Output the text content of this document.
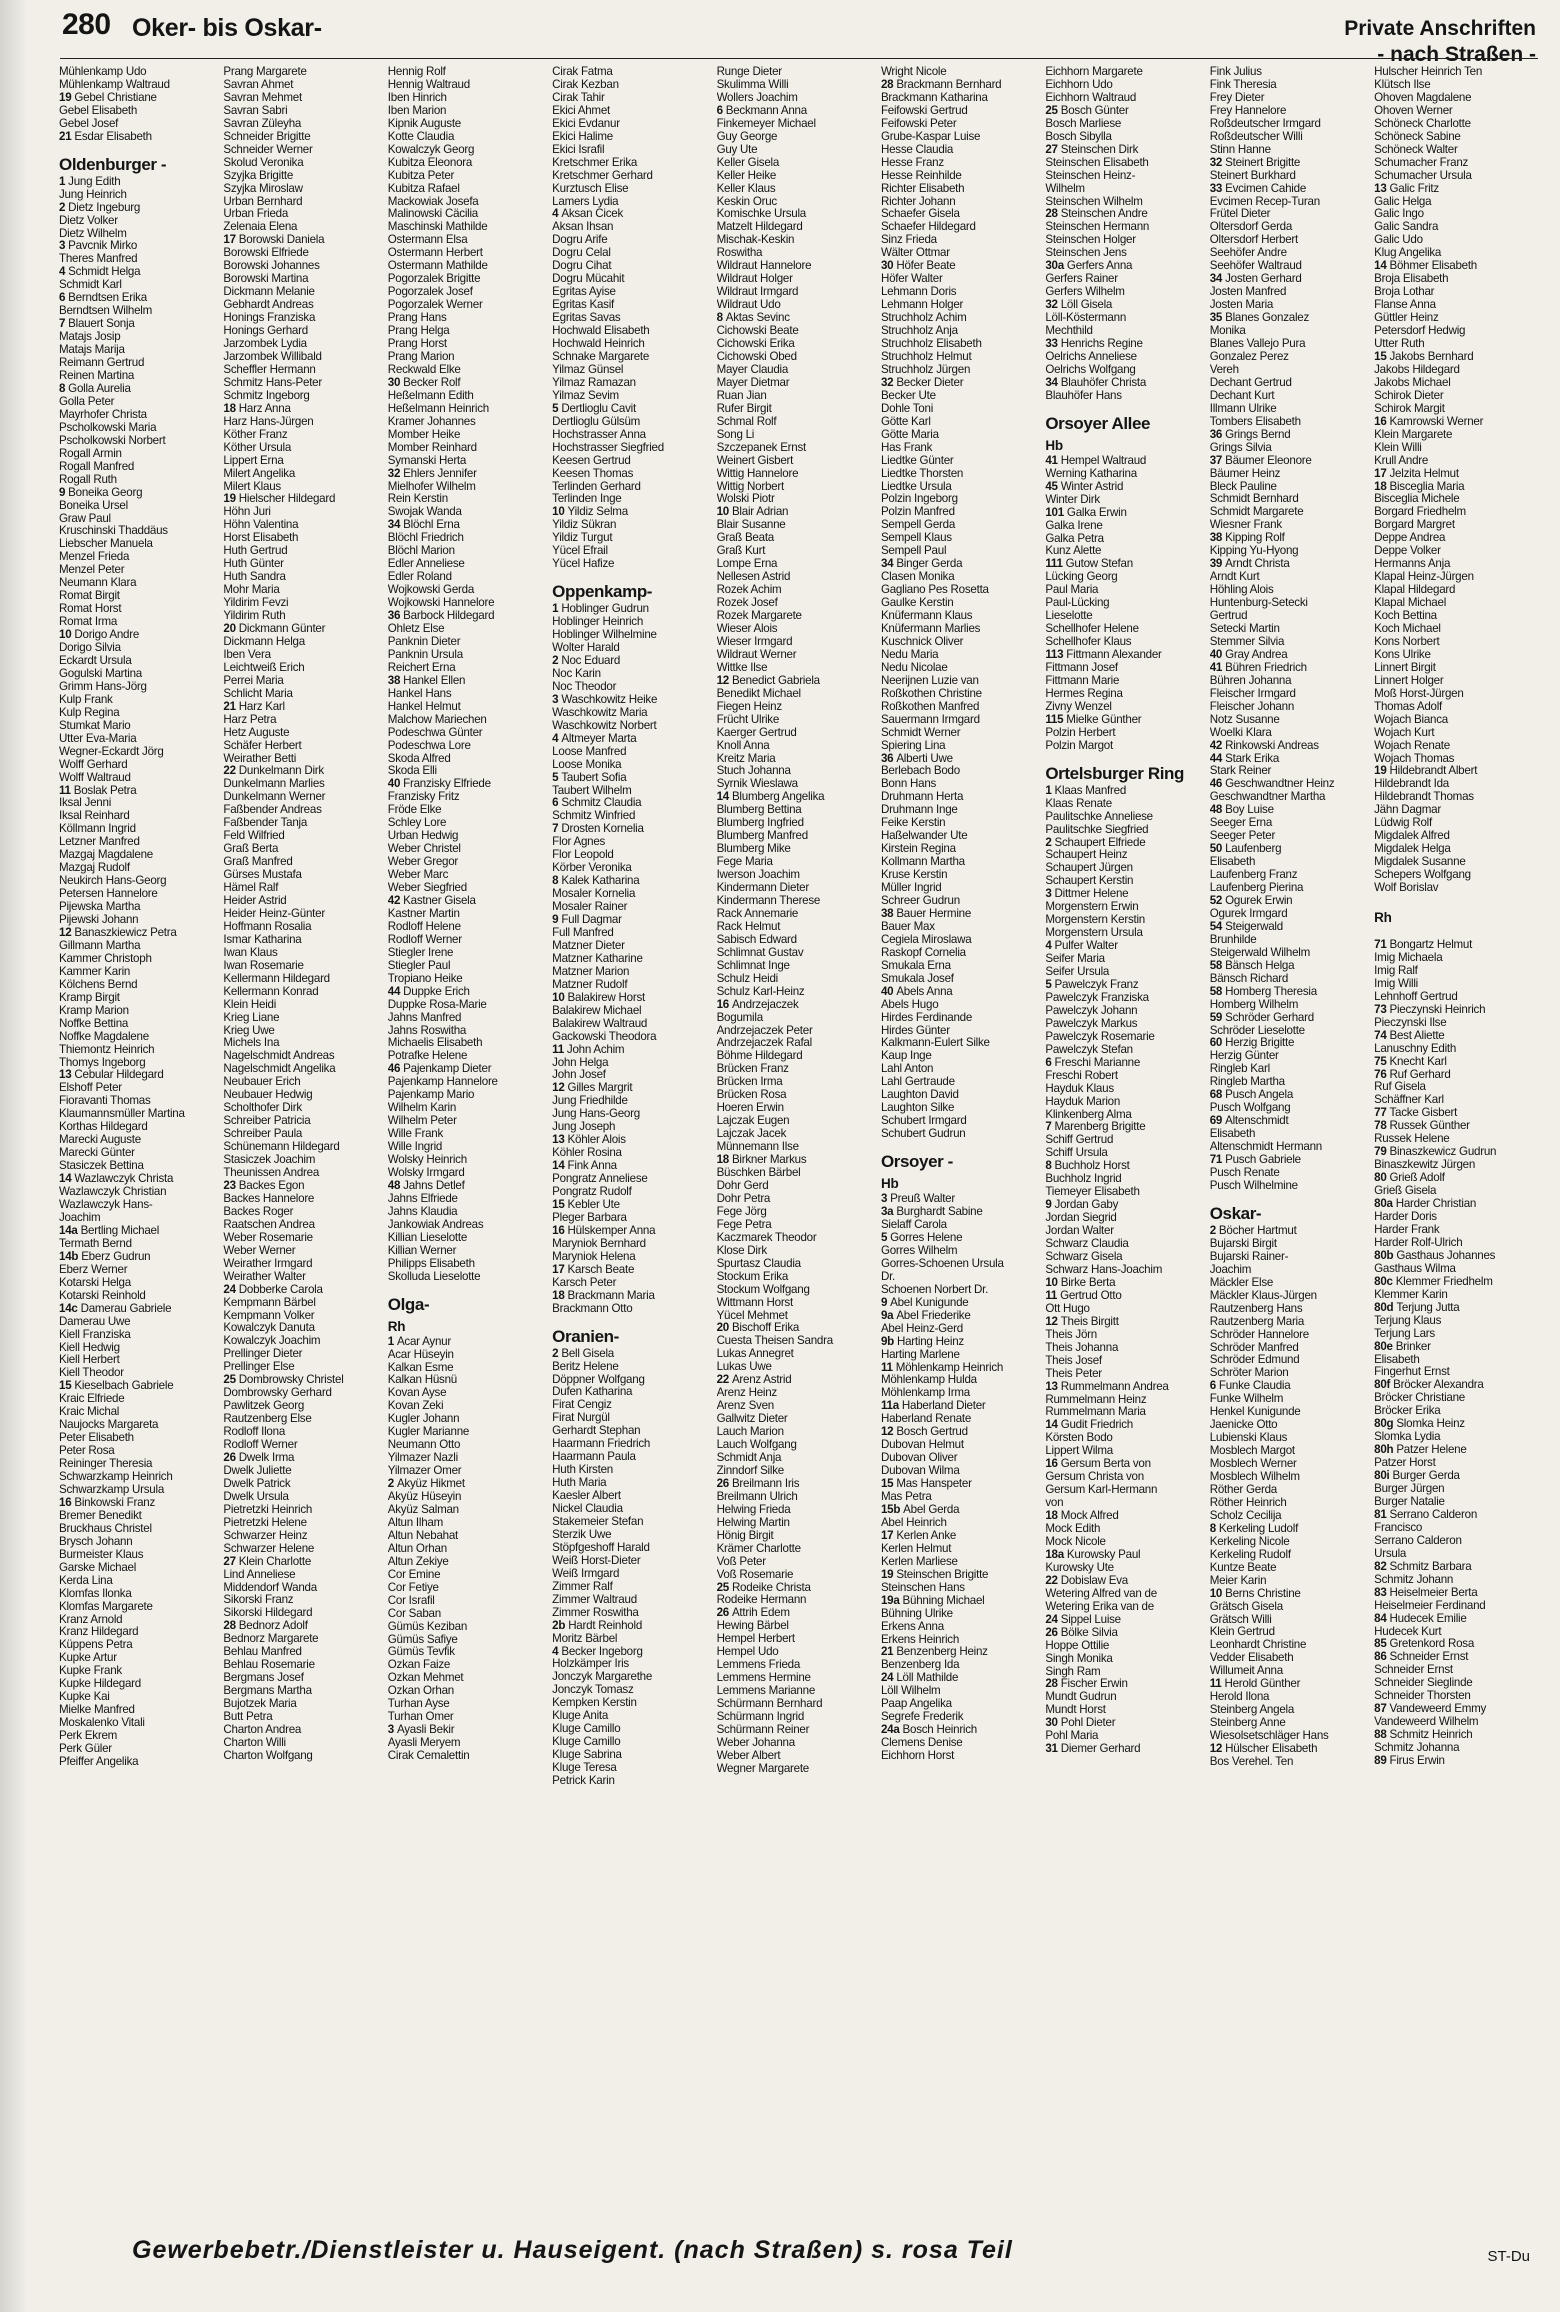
280 Oker- bis Oskar-	Private Anschriften
- nach Straßen -
Mühlenkamp Udo
Mühlenkamp Waltraud
19 Gebel Christiane
Gebel Elisabeth
Gebel Josef
21 Esdar Elisabeth
Oldenburger -
1 Jung Edith
Jung Heinrich
2 Dietz Ingeburg
Dietz Volker
Dietz Wilhelm
3 Pavcnik Mirko
Theres Manfred
4 Schmidt Helga
Schmidt Karl
6 Berndtsen Erika
Berndtsen Wilhelm
7 Blauert Sonja
Matajs Josip
Matajs Marija
Reimann Gertrud
Reinen Martina
8 Golla Aurelia
Golla Peter
Mayrhofer Christa
Pscholkowski Maria
Pscholkowski Norbert
Rogall Armin
Rogall Manfred
Rogall Ruth
9 Boneika Georg
Boneika Ursel
Graw Paul
Kruschinski Thaddäus
Liebscher Manuela
Menzel Frieda
Menzel Peter
Neumann Klara
Romat Birgit
Romat Horst
Romat Irma
10 Dorigo Andre
Dorigo Silvia
Eckardt Ursula
Gogulski Martina
Grimm Hans-Jörg
Kulp Frank
Kulp Regina
Stumkat Mario
Utter Eva-Maria
Wegner-Eckardt Jörg
Wolff Gerhard
Wolff Waltraud
11 Boslak Petra
Iksal Jenni
Iksal Reinhard
Köllmann Ingrid
Letzner Manfred
Mazgaj Magdalene
Mazgaj Rudolf
Neukirch Hans-Georg
Petersen Hannelore
Pijewska Martha
Pijewski Johann
12 Banaszkiewicz Petra
Gillmann Martha
Kammer Christoph
Kammer Karin
Kölchens Bernd
Kramp Birgit
Kramp Marion
Noffke Bettina
Noffke Magdalene
Thiemontz Heinrich
Thomys Ingeborg
13 Cebular Hildegard
Elshoff Peter
Fioravanti Thomas
Klaumannsmüller Martina
Korthas Hildegard
Marecki Auguste
Marecki Günter
Stasiczek Bettina
14 Wazlawczyk Christa
Wazlawczyk Christian
Wazlawczyk Hans-
Joachim
14a Bertling Michael
Termath Bernd
14b Eberz Gudrun
Eberz Werner
Kotarski Helga
Kotarski Reinhold
14c Damerau Gabriele
Damerau Uwe
Kiell Franziska
Kiell Hedwig
Kiell Herbert
Kiell Theodor
15 Kieselbach Gabriele
Kraic Elfriede
Kraic Michal
Naujocks Margareta
Peter Elisabeth
Peter Rosa
Reininger Theresia
Schwarzkamp Heinrich
Schwarzkamp Ursula
16 Binkowski Franz
Bremer Benedikt
Bruckhaus Christel
Brysch Johann
Burmeister Klaus
Garske Michael
Kerda Lina
Klomfas Ilonka
Klomfas Margarete
Kranz Arnold
Kranz Hildegard
Küppens Petra
Kupke Artur
Kupke Frank
Kupke Hildegard
Kupke Kai
Mielke Manfred
Moskalenko Vitali
Perk Ekrem
Perk Güler
Pfeiffer Angelika
Prang Margarete
Savran Ahmet
Savran Mehmet
Savran Sabri
Savran Züleyha
Schneider Brigitte
Schneider Werner
Skolud Veronika
Szyjka Brigitte
Szyjka Miroslaw
Urban Bernhard
Urban Frieda
Zelenaia Elena
17 Borowski Daniela
Borowski Elfriede
Borowski Johannes
Borowski Martina
Dickmann Melanie
Gebhardt Andreas
Honings Franziska
Honings Gerhard
Jarzombek Lydia
Jarzombek Willibald
Scheffler Hermann
Schmitz Hans-Peter
Schmitz Ingeborg
18 Harz Anna
Harz Hans-Jürgen
Köther Franz
Köther Ursula
Lippert Erna
Milert Angelika
Milert Klaus
19 Hielscher Hildegard
Höhn Juri
Höhn Valentina
Horst Elisabeth
Huth Gertrud
Huth Günter
Huth Sandra
Mohr Maria
Yildirim Fevzi
Yildirim Ruth
20 Dickmann Günter
Dickmann Helga
Iben Vera
Leichtweiß Erich
Perrei Maria
Schlicht Maria
21 Harz Karl
Harz Petra
Hetz Auguste
Schäfer Herbert
Weirather Betti
22 Dunkelmann Dirk
Dunkelmann Marlies
Dunkelmann Werner
Faßbender Andreas
Faßbender Tanja
Feld Wilfried
Graß Berta
Graß Manfred
Gürses Mustafa
Hämel Ralf
Heider Astrid
Heider Heinz-Günter
Hoffmann Rosalia
Ismar Katharina
Iwan Klaus
Iwan Rosemarie
Kellermann Hildegard
Kellermann Konrad
Klein Heidi
Krieg Liane
Krieg Uwe
Michels Ina
Nagelschmidt Andreas
Nagelschmidt Angelika
Neubauer Erich
Neubauer Hedwig
Scholthofer Dirk
Schreiber Patricia
Schreiber Paula
Schünemann Hildegard
Stasiczek Joachim
Theunissen Andrea
23 Backes Egon
Backes Hannelore
Backes Roger
Raatschen Andrea
Weber Rosemarie
Weber Werner
Weirather Irmgard
Weirather Walter
24 Dobberke Carola
Kempmann Bärbel
Kempmann Volker
Kowalczyk Danuta
Kowalczyk Joachim
Prellinger Dieter
Prellinger Else
25 Dombrowsky Christel
Dombrowsky Gerhard
Pawlitzek Georg
Rautzenberg Else
Rodloff Ilona
Rodloff Werner
26 Dwelk Irma
Dwelk Juliette
Dwelk Patrick
Dwelk Ursula
Pietretzki Heinrich
Pietretzki Helene
Schwarzer Heinz
Schwarzer Helene
27 Klein Charlotte
Lind Anneliese
Middendorf Wanda
Sikorski Franz
Sikorski Hildegard
28 Bednorz Adolf
Bednorz Margarete
Behlau Manfred
Behlau Rosemarie
Bergmans Josef
Bergmans Martha
Bujotzek Maria
Butt Petra
Charton Andrea
Charton Willi
Charton Wolfgang
Hennig Rolf
Hennig Waltraud
Iben Hinrich
Iben Marion
Kipnik Auguste
Kotte Claudia
Kowalczyk Georg
Kubitza Eleonora
Kubitza Peter
Kubitza Rafael
Mackowiak Josefa
Malinowski Cäcilia
Maschinski Mathilde
Ostermann Elsa
Ostermann Herbert
Ostermann Mathilde
Pogorzalek Brigitte
Pogorzalek Josef
Pogorzalek Werner
Prang Hans
Prang Helga
Prang Horst
Prang Marion
Reckwald Elke
30 Becker Rolf
Heßelmann Edith
Heßelmann Heinrich
Kramer Johannes
Momber Heike
Momber Reinhard
Symanski Herta
32 Ehlers Jennifer
Mielhofer Wilhelm
Rein Kerstin
Swojak Wanda
34 Blöchl Erna
Blöchl Friedrich
Blöchl Marion
Edler Anneliese
Edler Roland
Wojkowski Gerda
Wojkowski Hannelore
36 Barbock Hildegard
Ohletz Else
Panknin Dieter
Panknin Ursula
Reichert Erna
38 Hankel Ellen
Hankel Hans
Hankel Helmut
Malchow Mariechen
Podeschwa Günter
Podeschwa Lore
Skoda Alfred
Skoda Elli
40 Franzisky Elfriede
Franzisky Fritz
Fröde Elke
Schley Lore
Urban Hedwig
Weber Christel
Weber Gregor
Weber Marc
Weber Siegfried
42 Kastner Gisela
Kastner Martin
Rodloff Helene
Rodloff Werner
Stiegler Irene
Stiegler Paul
Tropiano Heike
44 Duppke Erich
Duppke Rosa-Marie
Jahns Manfred
Jahns Roswitha
Michaelis Elisabeth
Potrafke Helene
46 Pajenkamp Dieter
Pajenkamp Hannelore
Pajenkamp Mario
Wilhelm Karin
Wilhelm Peter
Wille Frank
Wille Ingrid
Wolsky Heinrich
Wolsky Irmgard
48 Jahns Detlef
Jahns Elfriede
Jahns Klaudia
Jankowiak Andreas
Killian Lieselotte
Killian Werner
Philipps Elisabeth
Skolluda Lieselotte
Olga-
Rh
1 Acar Aynur
Acar Hüseyin
Kalkan Esme
Kalkan Hüsnü
Kovan Ayse
Kovan Zeki
Kugler Johann
Kugler Marianne
Neumann Otto
Yilmazer Nazli
Yilmazer Ömer
2 Akyüz Hikmet
Akyüz Hüseyin
Akyüz Salman
Altun Ilham
Altun Nebahat
Altun Orhan
Altun Zekiye
Cor Emine
Cor Fetiye
Cor Israfil
Cor Saban
Gümüs Keziban
Gümüs Safiye
Gümüs Tevfik
Özkan Faize
Özkan Mehmet
Özkan Orhan
Turhan Ayse
Turhan Ömer
3 Ayasli Bekir
Ayasli Meryem
Cirak Cemalettin
Cirak Fatma
Cirak Kezban
Cirak Tahir
Ekici Ahmet
Ekici Evdanur
Ekici Halime
Ekici Israfil
Kretschmer Erika
Kretschmer Gerhard
Kurztusch Elise
Lamers Lydia
4 Aksan Cicek
Aksan Ihsan
Dogru Arife
Dogru Celal
Dogru Cihat
Dogru Mücahit
Egritas Ayise
Egritas Kasif
Egritas Savas
Hochwald Elisabeth
Hochwald Heinrich
Schnake Margarete
Yilmaz Günsel
Yilmaz Ramazan
Yilmaz Sevim
5 Dertlioglu Cavit
Dertlioglu Gülsüm
Hochstrasser Anna
Hochstrasser Siegfried
Keesen Gertrud
Keesen Thomas
Terlinden Gerhard
Terlinden Inge
10 Yildiz Selma
Yildiz Sükran
Yildiz Turgut
Yücel Efrail
Yücel Hafize
Oppenkamp-
1 Hoblinger Gudrun
Hoblinger Heinrich
Hoblinger Wilhelmine
Wolter Harald
2 Noc Eduard
Noc Karin
Noc Theodor
3 Waschkowitz Heike
Waschkowitz Maria
Waschkowitz Norbert
4 Altmeyer Marta
Loose Manfred
Loose Monika
5 Taubert Sofia
Taubert Wilhelm
6 Schmitz Claudia
Schmitz Winfried
7 Drosten Kornelia
Flor Agnes
Flor Leopold
Körber Veronika
8 Kalek Katharina
Mosaler Kornelia
Mosaler Rainer
9 Full Dagmar
Full Manfred
Matzner Dieter
Matzner Katharine
Matzner Marion
Matzner Rudolf
10 Balakirew Horst
Balakirew Michael
Balakirew Waltraud
Gackowski Theodora
11 John Achim
John Helga
John Josef
12 Gilles Margrit
Jung Friedhilde
Jung Hans-Georg
Jung Joseph
13 Köhler Alois
Köhler Rosina
14 Fink Anna
Pongratz Anneliese
Pongratz Rudolf
15 Kebler Ute
Pleger Barbara
16 Hülskemper Anna
Maryniok Bernhard
Maryniok Helena
17 Karsch Beate
Karsch Peter
18 Brackmann Maria
Brackmann Otto
Oranien-
2 Bell Gisela
Beritz Helene
Döppner Wolfgang
Dufen Katharina
Firat Cengiz
Firat Nurgül
Gerhardt Stephan
Haarmann Friedrich
Haarmann Paula
Huth Kirsten
Huth Maria
Kaesler Albert
Nickel Claudia
Stakemeier Stefan
Sterzik Uwe
Stöpfgeshoff Harald
Weiß Horst-Dieter
Weiß Irmgard
Zimmer Ralf
Zimmer Waltraud
Zimmer Roswitha
2b Hardt Reinhold
Moritz Bärbel
4 Becker Ingeborg
Holzkämper Iris
Jonczyk Margarethe
Jonczyk Tomasz
Kempken Kerstin
Kluge Anita
Kluge Camillo
Kluge Camillo
Kluge Sabrina
Kluge Teresa
Petrick Karin
Runge Dieter
Skulimma Willi
Wollers Joachim
6 Beckmann Anna
Finkemeyer Michael
Guy George
Guy Ute
Keller Gisela
Keller Heike
Keller Klaus
Keskin Oruc
Komischke Ursula
Matzelt Hildegard
Mischak-Keskin
Roswitha
Wildraut Hannelore
Wildraut Holger
Wildraut Irmgard
Wildraut Udo
8 Aktas Sevinc
Cichowski Beate
Cichowski Erika
Cichowski Obed
Mayer Claudia
Mayer Dietmar
Ruan Jian
Rufer Birgit
Schmal Rolf
Song Li
Szczepanek Ernst
Weinert Gisbert
Wittig Hannelore
Wittig Norbert
Wolski Piotr
10 Blair Adrian
Blair Susanne
Graß Beata
Graß Kurt
Lompe Erna
Nellesen Astrid
Rozek Achim
Rozek Josef
Rozek Margarete
Wieser Alois
Wieser Irmgard
Wildraut Werner
Wittke Ilse
12 Benedict Gabriela
Benedikt Michael
Fiegen Heinz
Frücht Ulrike
Kaerger Gertrud
Knoll Anna
Kreitz Maria
Stuch Johanna
Syrnik Wieslawa
14 Blumberg Angelika
Blumberg Bettina
Blumberg Ingfried
Blumberg Manfred
Blumberg Mike
Fege Maria
Iwerson Joachim
Kindermann Dieter
Kindermann Therese
Rack Annemarie
Rack Helmut
Sabisch Edward
Schlimnat Gustav
Schlimnat Inge
Schulz Heidi
Schulz Karl-Heinz
16 Andrzejaczek
Bogumila
Andrzejaczek Peter
Andrzejaczek Rafal
Böhme Hildegard
Brücken Franz
Brücken Irma
Brücken Rosa
Hoeren Erwin
Lajczak Eugen
Lajczak Jacek
Münnemann Ilse
18 Birkner Markus
Büschken Bärbel
Dohr Gerd
Dohr Petra
Fege Jörg
Fege Petra
Kaczmarek Theodor
Klose Dirk
Spurtasz Claudia
Stockum Erika
Stockum Wolfgang
Wittmann Horst
Yücel Mehmet
20 Bischoff Erika
Cuesta Theisen Sandra
Lukas Annegret
Lukas Uwe
22 Arenz Astrid
Arenz Heinz
Arenz Sven
Gallwitz Dieter
Lauch Marion
Lauch Wolfgang
Schmidt Anja
Zinndorf Silke
26 Breilmann Iris
Breilmann Ulrich
Helwing Frieda
Helwing Martin
Hönig Birgit
Krämer Charlotte
Voß Peter
Voß Rosemarie
25 Rodeike Christa
Rodeike Hermann
26 Attrih Edem
Hewing Bärbel
Hempel Herbert
Hempel Udo
Lemmens Frieda
Lemmens Hermine
Lemmens Marianne
Schürmann Bernhard
Schürmann Ingrid
Schürmann Reiner
Weber Johanna
Weber Albert
Wegner Margarete
Wright Nicole
28 Brackmann Bernhard
Brackmann Katharina
Feifowski Gertrud
Feifowski Peter
Grube-Kaspar Luise
Hesse Claudia
Hesse Franz
Hesse Reinhilde
Richter Elisabeth
Richter Johann
Schaefer Gisela
Schaefer Hildegard
Sinz Frieda
Wälter Ottmar
30 Höfer Beate
Höfer Walter
Lehmann Doris
Lehmann Holger
Struchholz Achim
Struchholz Anja
Struchholz Elisabeth
Struchholz Helmut
Struchholz Jürgen
32 Becker Dieter
Becker Ute
Dohle Toni
Götte Karl
Götte Maria
Has Frank
Liedtke Günter
Liedtke Thorsten
Liedtke Ursula
Polzin Ingeborg
Polzin Manfred
Sempell Gerda
Sempell Klaus
Sempell Paul
34 Binger Gerda
Clasen Monika
Gagliano Pes Rosetta
Gaulke Kerstin
Knüfermann Klaus
Knüfermann Marlies
Kuschnick Oliver
Nedu Maria
Nedu Nicolae
Neerijnen Luzie van
Roßkothen Christine
Roßkothen Manfred
Sauermann Irmgard
Schmidt Werner
Spiering Lina
36 Alberti Uwe
Berlebach Bodo
Bonn Hans
Druhmann Herta
Druhmann Inge
Feike Kerstin
Haßelwander Ute
Kirstein Regina
Kollmann Martha
Kruse Kerstin
Müller Ingrid
Schreer Gudrun
38 Bauer Hermine
Bauer Max
Cegiela Miroslawa
Raskopf Cornelia
Smukala Erna
Smukala Josef
40 Abels Anna
Abels Hugo
Hirdes Ferdinande
Hirdes Günter
Kalkmann-Eulert Silke
Kaup Inge
Lahl Anton
Lahl Gertraude
Laughton David
Laughton Silke
Schubert Irmgard
Schubert Gudrun
Orsoyer -
Hb
3 Preuß Walter
3a Burghardt Sabine
Sielaff Carola
5 Gorres Helene
Gorres Wilhelm
Gorres-Schoenen Ursula
Dr.
Schoenen Norbert Dr.
9 Abel Kunigunde
9a Abel Friederike
Abel Heinz-Gerd
9b Harting Heinz
Harting Marlene
11 Möhlenkamp Heinrich
Möhlenkamp Hulda
Möhlenkamp Irma
11a Haberland Dieter
Haberland Renate
12 Bosch Gertrud
Dubovan Helmut
Dubovan Oliver
Dubovan Wilma
15 Mas Hanspeter
Mas Petra
15b Abel Gerda
Abel Heinrich
17 Kerlen Anke
Kerlen Helmut
Kerlen Marliese
19 Steinschen Brigitte
Steinschen Hans
19a Bühning Michael
Bühning Ulrike
Erkens Anna
Erkens Heinrich
21 Benzenberg Heinz
Benzenberg Ida
24 Löll Mathilde
Löll Wilhelm
Paap Angelika
Segrefe Frederik
24a Bosch Heinrich
Clemens Denise
Eichhorn Horst
Eichhorn Margarete
Eichhorn Udo
Eichhorn Waltraud
25 Bosch Günter
Bosch Marliese
Bosch Sibylla
27 Steinschen Dirk
Steinschen Elisabeth
Steinschen Heinz-
Wilhelm
Steinschen Wilhelm
28 Steinschen Andre
Steinschen Hermann
Steinschen Holger
Steinschen Jens
30a Gerfers Anna
Gerfers Rainer
Gerfers Wilhelm
32 Löll Gisela
Löll-Köstermann
Mechthild
33 Henrichs Regine
Oelrichs Anneliese
Oelrichs Wolfgang
34 Blauhöfer Christa
Blauhöfer Hans
Orsoyer Allee
Hb
41 Hempel Waltraud
Werning Katharina
45 Winter Astrid
Winter Dirk
101 Galka Erwin
Galka Irene
Galka Petra
Kunz Alette
111 Gutow Stefan
Lücking Georg
Paul Maria
Paul-Lücking
Lieselotte
Schellhofer Helene
Schellhofer Klaus
113 Fittmann Alexander
Fittmann Josef
Fittmann Marie
Hermes Regina
Zivny Wenzel
115 Mielke Günther
Polzin Herbert
Polzin Margot
Ortelsburger Ring
1 Klaas Manfred
Klaas Renate
Paulitschke Anneliese
Paulitschke Siegfried
2 Schaupert Elfriede
Schaupert Heinz
Schaupert Jürgen
Schaupert Kerstin
3 Dittmer Helene
Morgenstern Erwin
Morgenstern Kerstin
Morgenstern Ursula
4 Pulfer Walter
Seifer Maria
Seifer Ursula
5 Pawelczyk Franz
Pawelczyk Franziska
Pawelczyk Johann
Pawelczyk Markus
Pawelczyk Rosemarie
Pawelczyk Stefan
6 Freschi Marianne
Freschi Robert
Hayduk Klaus
Hayduk Marion
Klinkenberg Alma
7 Marenberg Brigitte
Schiff Gertrud
Schiff Ursula
8 Buchholz Horst
Buchholz Ingrid
Tiemeyer Elisabeth
9 Jordan Gaby
Jordan Siegrid
Jordan Walter
Schwarz Claudia
Schwarz Gisela
Schwarz Hans-Joachim
10 Birke Berta
11 Gertrud Otto
Ott Hugo
12 Theis Birgitt
Theis Jörn
Theis Johanna
Theis Josef
Theis Peter
13 Rummelmann Andrea
Rummelmann Heinz
Rummelmann Maria
14 Gudit Friedrich
Körsten Bodo
Lippert Wilma
16 Gersum Berta von
Gersum Christa von
Gersum Karl-Hermann
von
18 Mock Alfred
Mock Edith
Mock Nicole
18a Kurowsky Paul
Kurowsky Ute
22 Dobislaw Eva
Wetering Alfred van de
Wetering Erika van de
24 Sippel Luise
26 Bölke Silvia
Hoppe Ottilie
Singh Monika
Singh Ram
28 Fischer Erwin
Mundt Gudrun
Mundt Horst
30 Pohl Dieter
Pohl Maria
31 Diemer Gerhard
Fink Julius
Fink Theresia
Frey Dieter
Frey Hannelore
Roßdeutscher Irmgard
Roßdeutscher Willi
Stinn Hanne
32 Steinert Brigitte
Steinert Burkhard
33 Evcimen Cahide
Evcimen Recep-Turan
Frütel Dieter
Oltersdorf Gerda
Oltersdorf Herbert
Seehöfer Andre
Seehöfer Waltraud
34 Josten Gerhard
Josten Manfred
Josten Maria
35 Blanes Gonzalez
Monika
Blanes Vallejo Pura
Gonzalez Perez
Vereh
Dechant Gertrud
Dechant Kurt
Illmann Ulrike
Tombers Elisabeth
36 Grings Bernd
Grings Silvia
37 Bäumer Eleonore
Bäumer Heinz
Bleck Pauline
Schmidt Bernhard
Schmidt Margarete
Wiesner Frank
38 Kipping Rolf
Kipping Yu-Hyong
39 Arndt Christa
Arndt Kurt
Höhling Alois
Huntenburg-Setecki
Gertrud
Setecki Martin
Stemmer Silvia
40 Gray Andrea
41 Bühren Friedrich
Bühren Johanna
Fleischer Irmgard
Fleischer Johann
Notz Susanne
Woelki Klara
42 Rinkowski Andreas
44 Stark Erika
Stark Reiner
46 Geschwandtner Heinz
Geschwandtner Martha
48 Boy Luise
Seeger Erna
Seeger Peter
50 Laufenberg
Elisabeth
Laufenberg Franz
Laufenberg Pierina
52 Ogurek Erwin
Ogurek Irmgard
54 Steigerwald
Brunhilde
Steigerwald Wilhelm
58 Bänsch Helga
Bänsch Richard
58 Homberg Theresia
Homberg Wilhelm
59 Schröder Gerhard
Schröder Lieselotte
60 Herzig Brigitte
Herzig Günter
Ringleb Karl
Ringleb Martha
68 Pusch Angela
Pusch Wolfgang
69 Altenschmidt
Elisabeth
Altenschmidt Hermann
71 Pusch Gabriele
Pusch Renate
Pusch Wilhelmine
Oskar-
2 Böcher Hartmut
Bujarski Birgit
Bujarski Rainer-
Joachim
Mäckler Else
Mäckler Klaus-Jürgen
Rautzenberg Hans
Rautzenberg Maria
Schröder Hannelore
Schröder Manfred
Schröder Edmund
Schröter Marion
6 Funke Claudia
Funke Wilhelm
Henkel Kunigunde
Jaenicke Otto
Lubienski Klaus
Mosblech Margot
Mosblech Werner
Mosblech Wilhelm
Röther Gerda
Röther Heinrich
Scholz Cecilija
8 Kerkeling Ludolf
Kerkeling Nicole
Kerkeling Rudolf
Kuntze Beate
Meier Karin
10 Berns Christine
Grätsch Gisela
Grätsch Willi
Klein Gertrud
Leonhardt Christine
Vedder Elisabeth
Willumeit Anna
11 Herold Günther
Herold Ilona
Steinberg Angela
Steinberg Anne
Wiesolsetschläger Hans
12 Hülscher Elisabeth
Bos Verehel. Ten
Hulscher Heinrich Ten
Klütsch Ilse
Ohoven Magdalene
Ohoven Werner
Schöneck Charlotte
Schöneck Sabine
Schöneck Walter
Schumacher Franz
Schumacher Ursula
13 Galic Fritz
Galic Helga
Galic Ingo
Galic Sandra
Galic Udo
Klug Angelika
14 Böhmer Elisabeth
Broja Elisabeth
Broja Lothar
Flanse Anna
Güttler Heinz
Petersdorf Hedwig
Utter Ruth
15 Jakobs Bernhard
Jakobs Hildegard
Jakobs Michael
Schirok Dieter
Schirok Margit
16 Kamrowski Werner
Klein Margarete
Klein Willi
Krull Andre
17 Jelzita Helmut
18 Bisceglia Maria
Bisceglia Michele
Borgard Friedhelm
Borgard Margret
Deppe Andrea
Deppe Volker
Hermanns Anja
Klapal Heinz-Jürgen
Klapal Hildegard
Klapal Michael
Koch Bettina
Koch Michael
Kons Norbert
Kons Ulrike
Linnert Birgit
Linnert Holger
Moß Horst-Jürgen
Thomas Adolf
Wojach Bianca
Wojach Kurt
Wojach Renate
Wojach Thomas
19 Hildebrandt Albert
Hildebrandt Ida
Hildebrandt Thomas
Jähn Dagmar
Lüdwig Rolf
Migdalek Alfred
Migdalek Helga
Migdalek Susanne
Schepers Wolfgang
Wolf Borislav
Rh
71 Bongartz Helmut
Imig Michaela
Imig Ralf
Imig Willi
Lehnhoff Gertrud
73 Pieczynski Heinrich
Pieczynski Ilse
74 Best Aliette
Lanuschny Edith
75 Knecht Karl
76 Ruf Gerhard
Ruf Gisela
Schäffner Karl
77 Tacke Gisbert
78 Russek Günther
Russek Helene
79 Binaszkewicz Gudrun
Binaszkewitz Jürgen
80 Grieß Adolf
Grieß Gisela
80a Harder Christian
Harder Doris
Harder Frank
Harder Rolf-Ulrich
80b Gasthaus Johannes
Gasthaus Wilma
80c Klemmer Friedhelm
Klemmer Karin
80d Terjung Jutta
Terjung Klaus
Terjung Lars
80e Brinker
Elisabeth
Fingerhut Ernst
80f Bröcker Alexandra
Bröcker Christiane
Bröcker Erika
80g Slomka Heinz
Slomka Lydia
80h Patzer Helene
Patzer Horst
80i Burger Gerda
Burger Jürgen
Burger Natalie
81 Serrano Calderon
Francisco
Serrano Calderon
Ursula
82 Schmitz Barbara
Schmitz Johann
83 Heiselmeier Berta
Heiselmeier Ferdinand
84 Hudecek Emilie
Hudecek Kurt
85 Gretenkord Rosa
86 Schneider Ernst
Schneider Ernst
Schneider Sieglinde
Schneider Thorsten
87 Vandeweerd Emmy
Vandeweerd Wilhelm
88 Schmitz Heinrich
Schmitz Johanna
89 Firus Erwin
Gewerbebetr./Dienstleister u. Hauseigent. (nach Straßen) s. rosa Teil	ST-Du
